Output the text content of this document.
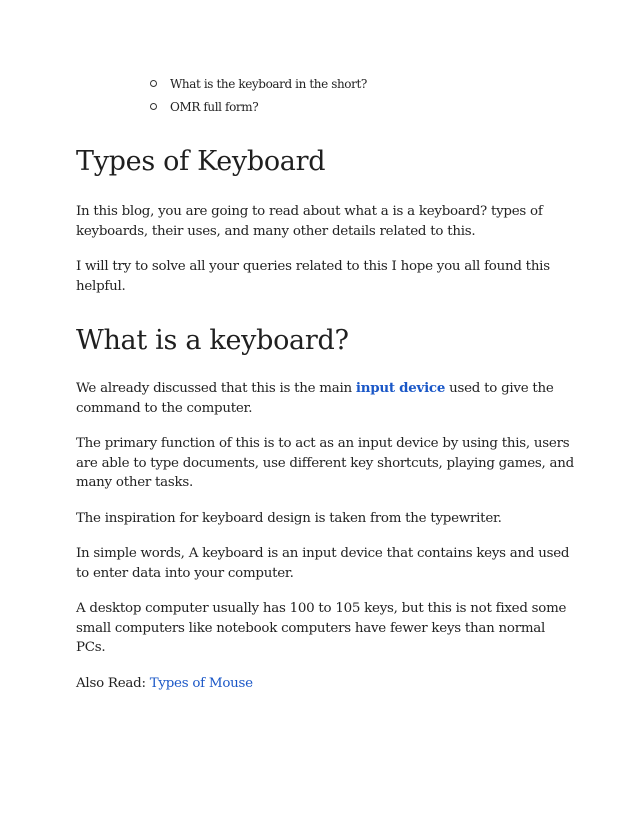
What is the keyboard in the short?
OMR full form?
Types of Keyboard

In this blog, you are going to read about what a is a keyboard? types of keyboards, their uses, and many other details related to this.

I will try to solve all your queries related to this I hope you all found this helpful.

What is a keyboard?

We already discussed that this is the main input device used to give the command to the computer.

The primary function of this is to act as an input device by using this, users are able to type documents, use different key shortcuts, playing games, and many other tasks.

The inspiration for keyboard design is taken from the typewriter.

In simple words, A keyboard is an input device that contains keys and used to enter data into your computer.

A desktop computer usually has 100 to 105 keys, but this is not fixed some small computers like notebook computers have fewer keys than normal PCs.

Also Read: Types of Mouse
